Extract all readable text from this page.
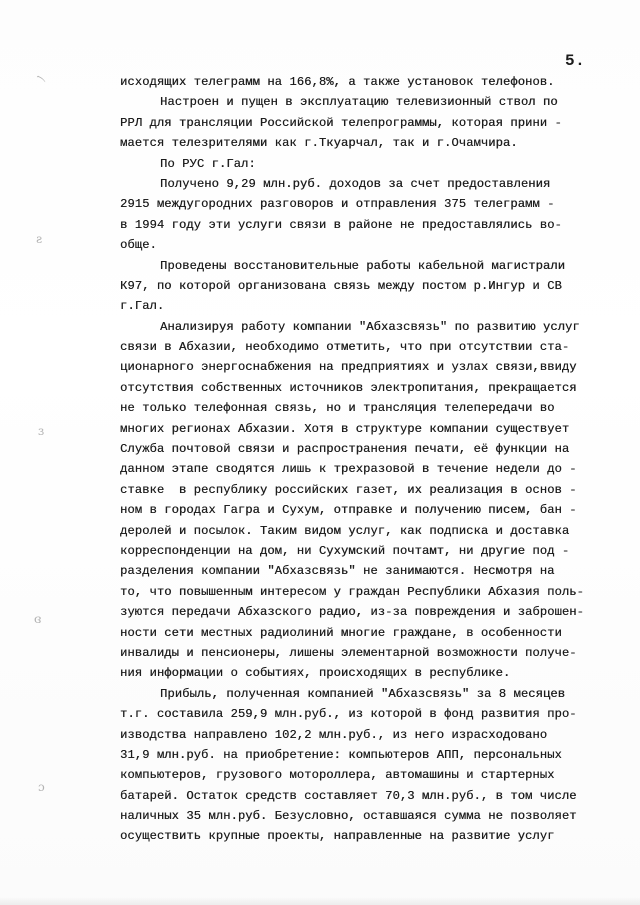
5.
ﾉ
ƨ
ɜ
ɞ
ɔ
исходящих телеграмм на 166,8%, а также установок телефонов.
Настроен и пущен в эксплуатацию телевизионный ствол по
РРЛ для трансляции Российской телепрограммы, которая прини -
мается телезрителями как г.Ткуарчал, так и г.Очамчира.
По РУС г.Гал:
Получено 9,29 млн.руб. доходов за счет предоставления
2915 междугородних разговоров и отправления 375 телеграмм -
в 1994 году эти услуги связи в районе не предоставлялись во-
обще.
Проведены восстановительные работы кабельной магистрали
К97, по которой организована связь между постом р.Ингур и СВ
г.Гал.
Анализируя работу компании "Абхазсвязь" по развитию услуг
связи в Абхазии, необходимо отметить, что при отсутствии ста-
ционарного энергоснабжения на предприятиях и узлах связи,ввиду
отсутствия собственных источников электропитания, прекращается
не только телефонная связь, но и трансляция телепередачи во
многих регионах Абхазии. Хотя в структуре компании существует
Служба почтовой связи и распространения печати, её функции на
данном этапе сводятся лишь к трехразовой в течение недели до -
ставке  в республику российских газет, их реализация в основ -
ном в городах Гагра и Сухум, отправке и получению писем, бан -
деролей и посылок. Таким видом услуг, как подписка и доставка
корреспонденции на дом, ни Сухумский почтамт, ни другие под -
разделения компании "Абхазсвязь" не занимаются. Несмотря на
то, что повышенным интересом у граждан Республики Абхазия поль-
зуются передачи Абхазского радио, из-за повреждения и заброшен-
ности сети местных радиолиний многие граждане, в особенности
инвалиды и пенсионеры, лишены элементарной возможности получе-
ния информации о событиях, происходящих в республике.
Прибыль, полученная компанией "Абхазсвязь" за 8 месяцев
т.г. составила 259,9 млн.руб., из которой в фонд развития про-
изводства направлено 102,2 млн.руб., из него израсходовано
31,9 млн.руб. на приобретение: компьютеров АПП, персональных
компьютеров, грузового мотороллера, автомашины и стартерных
батарей. Остаток средств составляет 70,3 млн.руб., в том числе
наличных 35 млн.руб. Безусловно, оставшаяся сумма не позволяет
осуществить крупные проекты, направленные на развитие услуг
